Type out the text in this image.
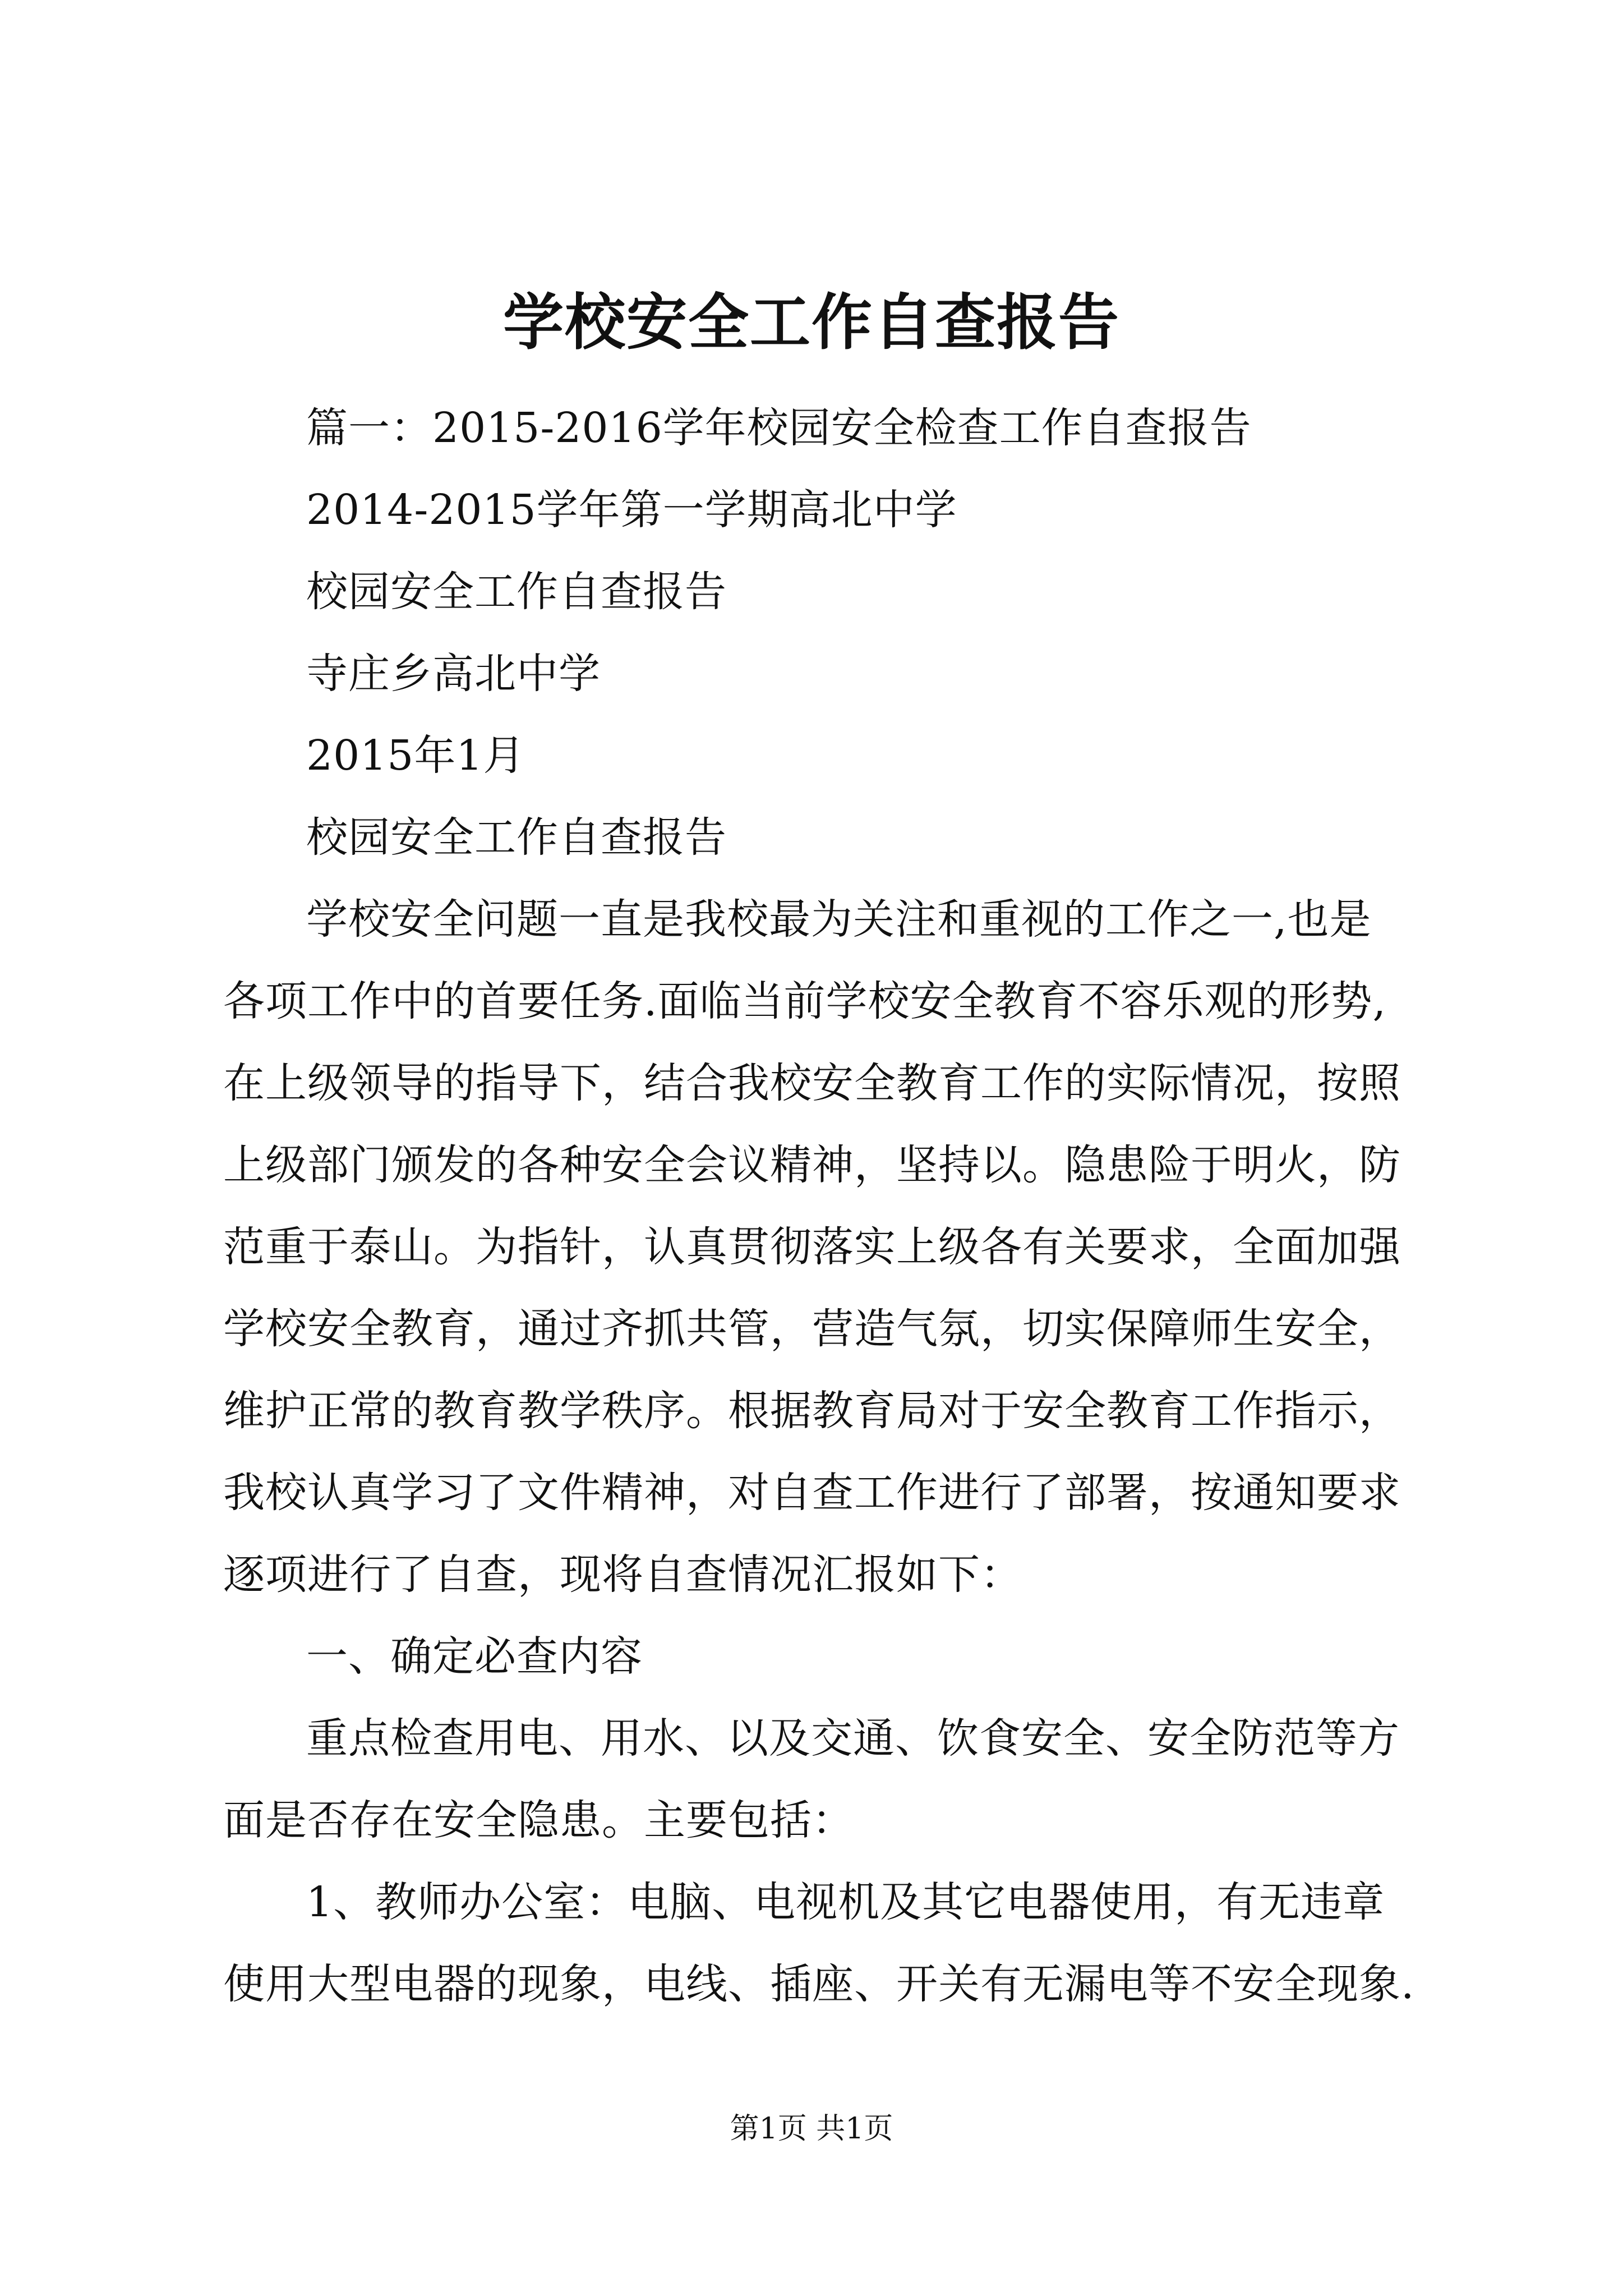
学校安全工作自查报告
篇一：2015-2016学年校园安全检查工作自查报告
2014-2015学年第一学期高北中学
校园安全工作自查报告
寺庄乡高北中学
2015年1月
校园安全工作自查报告
学校安全问题一直是我校最为关注和重视的工作之一,也是
各项工作中的首要任务.面临当前学校安全教育不容乐观的形势,
在上级领导的指导下，结合我校安全教育工作的实际情况，按照
上级部门颁发的各种安全会议精神，坚持以。隐患险于明火，防
范重于泰山。为指针，认真贯彻落实上级各有关要求，全面加强
学校安全教育，通过齐抓共管，营造气氛，切实保障师生安全，
维护正常的教育教学秩序。根据教育局对于安全教育工作指示，
我校认真学习了文件精神，对自查工作进行了部署，按通知要求
逐项进行了自查，现将自查情况汇报如下：
一、确定必查内容
重点检查用电、用水、以及交通、饮食安全、安全防范等方
面是否存在安全隐患。主要包括：
1、教师办公室：电脑、电视机及其它电器使用，有无违章
使用大型电器的现象，电线、插座、开关有无漏电等不安全现象.
第1页 共1页
